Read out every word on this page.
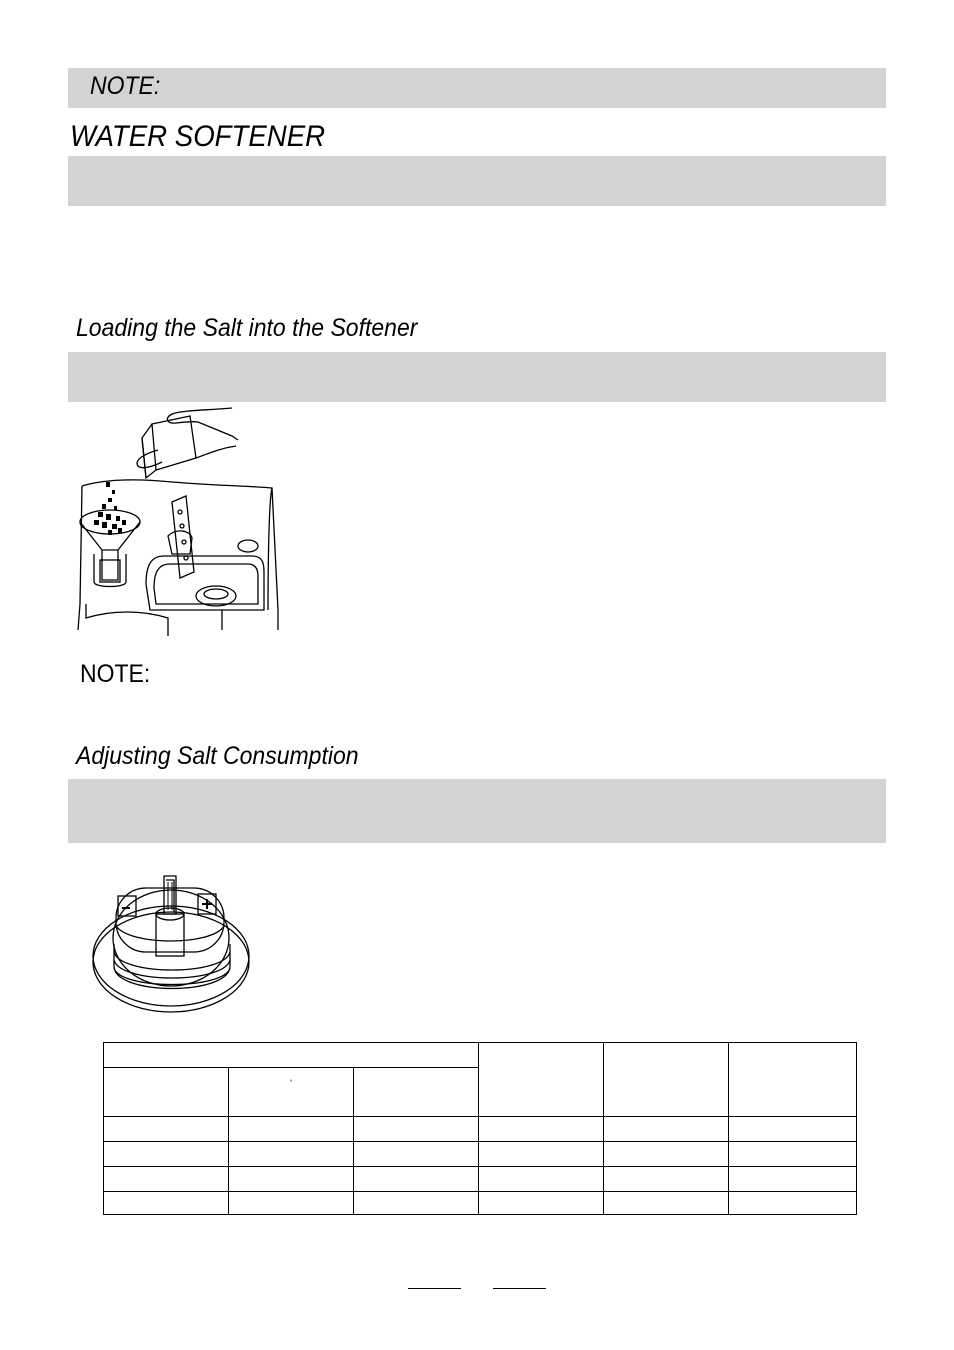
NOTE:
WATER SOFTENER
Loading the Salt into the Softener
NOTE:
Adjusting Salt Consumption

	°				
